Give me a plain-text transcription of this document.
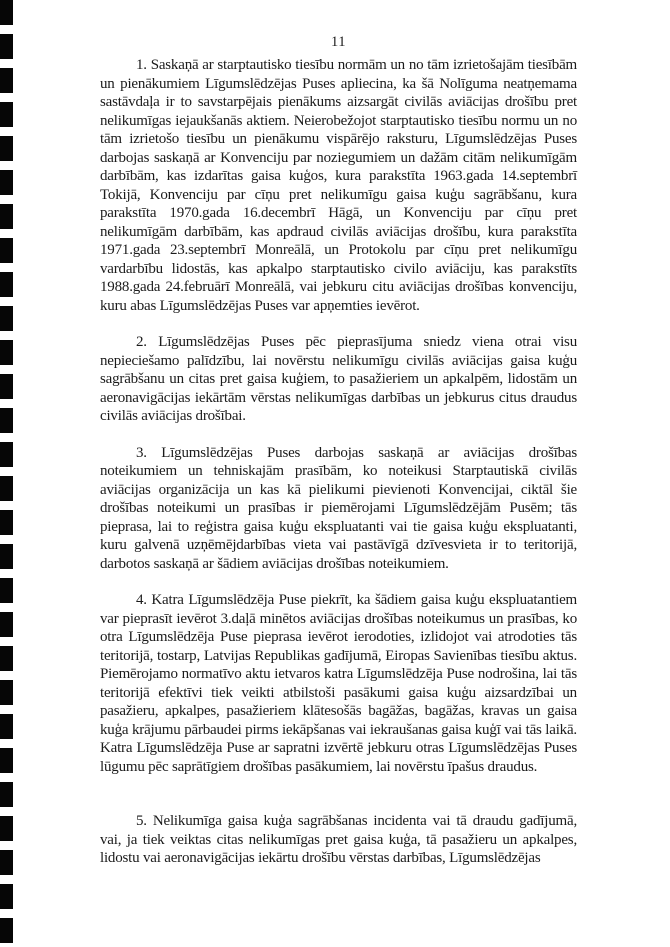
11

1. Saskaņā ar starptautisko tiesību normām un no tām izrietošajām tiesībām un pienākumiem Līgumslēdzējas Puses apliecina, ka šā Nolīguma neatņemama sastāvdaļa ir to savstarpējais pienākums aizsargāt civilās aviācijas drošību pret nelikumīgas iejaukšanās aktiem. Neierobežojot starptautisko tiesību normu un no tām izrietošo tiesību un pienākumu vispārējo raksturu, Līgumslēdzējas Puses darbojas saskaņā ar Konvenciju par noziegumiem un dažām citām nelikumīgām darbībām, kas izdarītas gaisa kuģos, kura parakstīta 1963.gada 14.septembrī Tokijā, Konvenciju par cīņu pret nelikumīgu gaisa kuģu sagrābšanu, kura parakstīta 1970.gada 16.decembrī Hāgā, un Konvenciju par cīņu pret nelikumīgām darbībām, kas apdraud civilās aviācijas drošību, kura parakstīta 1971.gada 23.septembrī Monreālā, un Protokolu par cīņu pret nelikumīgu vardarbību lidostās, kas apkalpo starptautisko civilo aviāciju, kas parakstīts 1988.gada 24.februārī Monreālā, vai jebkuru citu aviācijas drošības konvenciju, kuru abas Līgumslēdzējas Puses var apņemties ievērot.

2. Līgumslēdzējas Puses pēc pieprasījuma sniedz viena otrai visu nepieciešamo palīdzību, lai novērstu nelikumīgu civilās aviācijas gaisa kuģu sagrābšanu un citas pret gaisa kuģiem, to pasažieriem un apkalpēm, lidostām un aeronavigācijas iekārtām vērstas nelikumīgas darbības un jebkurus citus draudus civilās aviācijas drošībai.

3. Līgumslēdzējas Puses darbojas saskaņā ar aviācijas drošības noteikumiem un tehniskajām prasībām, ko noteikusi Starptautiskā civilās aviācijas organizācija un kas kā pielikumi pievienoti Konvencijai, ciktāl šie drošības noteikumi un prasības ir piemērojami Līgumslēdzējām Pusēm; tās pieprasa, lai to reģistra gaisa kuģu ekspluatanti vai tie gaisa kuģu ekspluatanti, kuru galvenā uzņēmējdarbības vieta vai pastāvīgā dzīvesvieta ir to teritorijā, darbotos saskaņā ar šādiem aviācijas drošības noteikumiem.

4. Katra Līgumslēdzēja Puse piekrīt, ka šādiem gaisa kuģu ekspluatantiem var pieprasīt ievērot 3.daļā minētos aviācijas drošības noteikumus un prasības, ko otra Līgumslēdzēja Puse pieprasa ievērot ierodoties, izlidojot vai atrodoties tās teritorijā, tostarp, Latvijas Republikas gadījumā, Eiropas Savienības tiesību aktus. Piemērojamo normatīvo aktu ietvaros katra Līgumslēdzēja Puse nodrošina, lai tās teritorijā efektīvi tiek veikti atbilstoši pasākumi gaisa kuģu aizsardzībai un pasažieru, apkalpes, pasažieriem klātesošās bagāžas, bagāžas, kravas un gaisa kuģa krājumu pārbaudei pirms iekāpšanas vai iekraušanas gaisa kuģī vai tās laikā. Katra Līgumslēdzēja Puse ar sapratni izvērtē jebkuru otras Līgumslēdzējas Puses lūgumu pēc saprātīgiem drošības pasākumiem, lai novērstu īpašus draudus.

5. Nelikumīga gaisa kuģa sagrābšanas incidenta vai tā draudu gadījumā, vai, ja tiek veiktas citas nelikumīgas pret gaisa kuģa, tā pasažieru un apkalpes, lidostu vai aeronavigācijas iekārtu drošību vērstas darbības, Līgumslēdzējas
